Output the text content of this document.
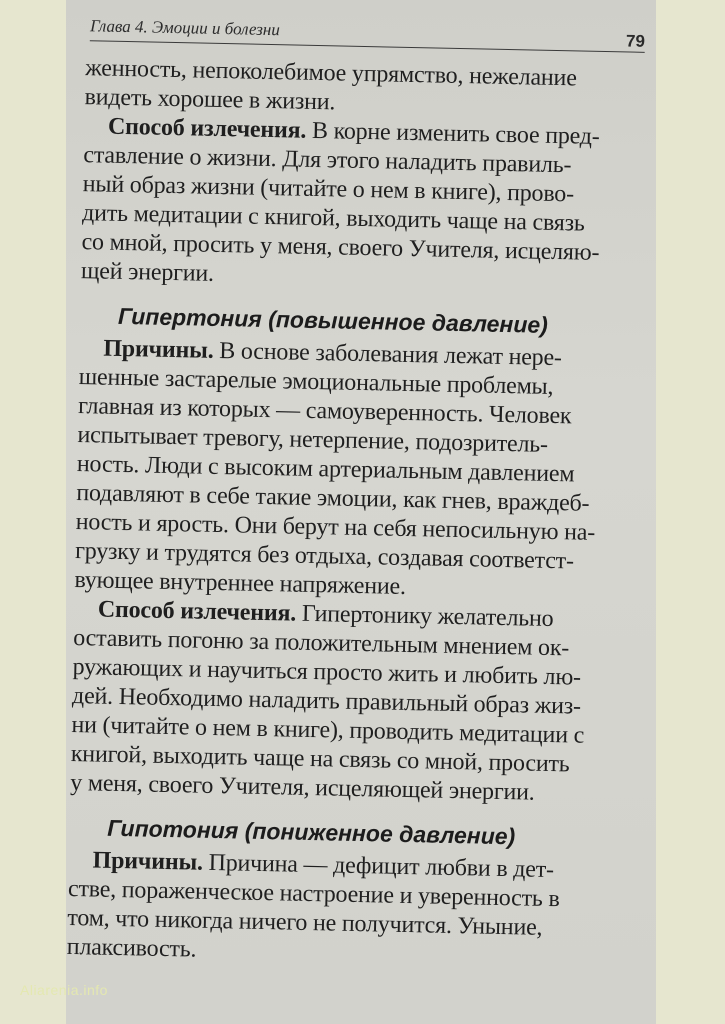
Глава 4. Эмоции и болезни
79
женность, непоколебимое упрямство, нежелание
видеть хорошее в жизни.
Способ излечения. В корне изменить свое пред-
ставление о жизни. Для этого наладить правиль-
ный образ жизни (читайте о нем в книге), прово-
дить медитации с книгой, выходить чаще на связь
со мной, просить у меня, своего Учителя, исцеляю-
щей энергии.
Гипертония (повышенное давление)
Причины. В основе заболевания лежат нере-
шенные застарелые эмоциональные проблемы,
главная из которых — самоуверенность. Человек
испытывает тревогу, нетерпение, подозритель-
ность. Люди с высоким артериальным давлением
подавляют в себе такие эмоции, как гнев, враждеб-
ность и ярость. Они берут на себя непосильную на-
грузку и трудятся без отдыха, создавая соответст-
вующее внутреннее напряжение.
Способ излечения. Гипертонику желательно
оставить погоню за положительным мнением ок-
ружающих и научиться просто жить и любить лю-
дей. Необходимо наладить правильный образ жиз-
ни (читайте о нем в книге), проводить медитации с
книгой, выходить чаще на связь со мной, просить
у меня, своего Учителя, исцеляющей энергии.
Гипотония (пониженное давление)
Причины. Причина — дефицит любви в дет-
стве, пораженческое настроение и уверенность в
том, что никогда ничего не получится. Уныние,
плаксивость.
Aliarenia.info
